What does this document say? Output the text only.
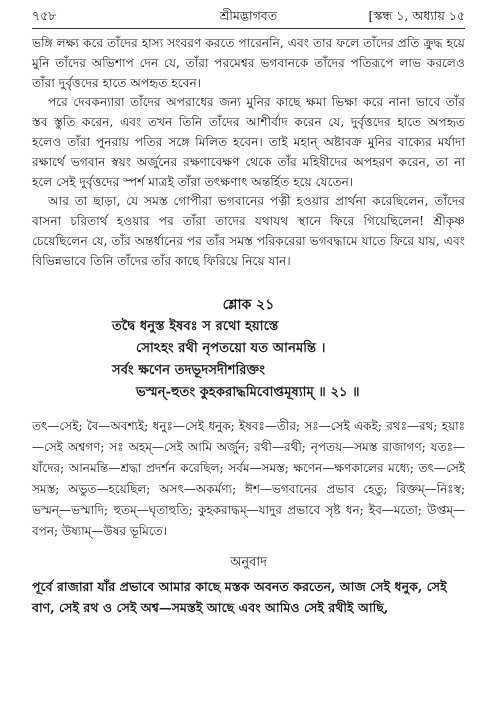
৭৫৮	শ্রীমদ্ভাগবত	[স্কন্ধ ১, অধ্যায় ১৫

ভঙ্গি লক্ষ্য করে তাঁদের হাস্য সংবরণ করতে পারেননি, এবং তার ফলে তাঁদের প্রতি ক্রুদ্ধ হয়ে মুনি তাঁদের অভিশাপ দেন যে, তাঁরা পরমেশ্বর ভগবানকে তাঁদের পতিরূপে লাভ করলেও তাঁরা দুর্বৃত্তদের হাতে অপহৃত হবেন।

পরে দেবকন্যারা তাঁদের অপরাধের জন্য মুনির কাছে ক্ষমা ভিক্ষা করে নানা ভাবে তাঁর স্তব স্তুতি করেন, এবং তখন তিনি তাঁদের আশীর্বাদ করেন যে, দুর্বৃত্তদের হাতে অপহৃত হলেও তাঁরা পুনরায় পতির সঙ্গে মিলিত হবেন। তাই মহান্ অষ্টাবক্র মুনির বাক্যের মর্যাদা রক্ষার্থে ভগবান স্বয়ং অর্জুনের রক্ষণাবেক্ষণ থেকে তাঁর মহিষীদের অপহরণ করেন, তা না হলে সেই দুর্বৃত্তদের স্পর্শ মাত্রই তাঁরা তৎক্ষণাৎ অন্তর্হিত হয়ে যেতেন।

আর তা ছাড়া, যে সমস্ত গোপীরা ভগবানের পত্নী হওয়ার প্রার্থনা করেছিলেন, তাঁদের বাসনা চরিতার্থ হওয়ার পর তাঁরা তাদের যথাযথ স্থানে ফিরে গিয়েছিলেন! শ্রীকৃষ্ণ চেয়েছিলেন যে, তাঁর অন্তর্ধানের পর তাঁর সমস্ত পরিকরেরা ভগবদ্ধামে যাতে ফিরে যায়, এবং বিভিন্নভাবে তিনি তাঁদের তাঁর কাছে ফিরিয়ে নিয়ে যান।

শ্লোক ২১
তদ্বৈ ধনুস্ত ইষবঃ স রথো হয়াস্তে
সোঽহং রথী নৃপতয়ো যত আনমন্তি ।
সর্বং ক্ষণেন তদভূদসদীশরিক্তং
ভস্মন্-হুতং কুহকরাদ্ধমিবোপ্তমূষ্যাম্ ॥ ২১ ॥
তৎ—সেই; বৈ—অবশ্যই; ধনুঃ—সেই ধনুক; ইষবঃ—তীর; সঃ—সেই একই; রথঃ—রথ; হয়াঃ—সেই অশ্বগণ; সঃ অহম্—সেই আমি অর্জুন; রথী—রথী; নৃপতয়—সমস্ত রাজাগণ; যতঃ—যাঁদের; আনমন্তি—শ্রদ্ধা প্রদর্শন করেছিল; সর্বম—সমস্ত; ক্ষণেন—ক্ষণকালের মধ্যে; তৎ—সেই সমস্ত; অভুত—হয়েছিল; অসৎ—অকর্মণ্য; ঈশ—ভগবানের প্রভাব হেতু; রিক্তম্—নিঃস্ব; ভস্মন্—ভস্মাদি; হুতম্—ঘৃতাহুতি; কুহকরাদ্ধম্—যাদুর প্রভাবে সৃষ্ট ধন; ইব—মতো; উপ্তম্—বপন; উষ্যাম্—উষর ভূমিতে।
অনুবাদ
পূর্বে রাজারা যাঁর প্রভাবে আমার কাছে মস্তক অবনত করতেন, আজ সেই ধনুক, সেই বাণ, সেই রথ ও সেই অশ্ব—সমস্তই আছে এবং আমিও সেই রথীই আছি,
